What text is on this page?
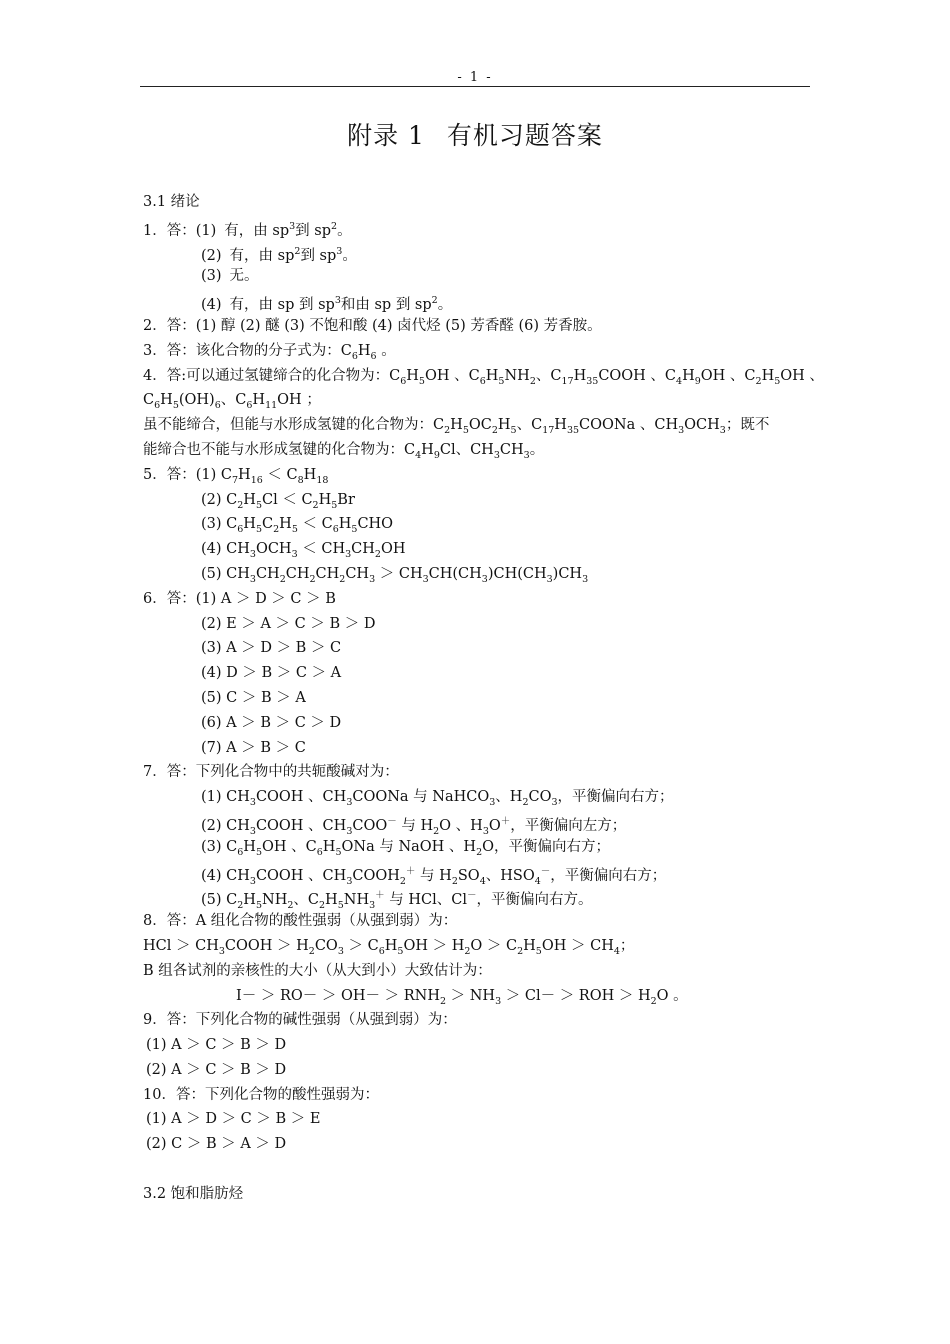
- 1 -
附录 1 有机习题答案
3.1 绪论
1．答：(1) 有，由 $sp^3$到 $sp^2$。
(2) 有，由 $sp^2$到 $sp^3$。
(3) 无。
(4) 有，由 sp 到 $sp^3$和由 sp 到 $sp^2$。
2．答：(1) 醇 (2) 醚 (3) 不饱和酸 (4) 卤代烃 (5) 芳香醛 (6) 芳香胺。
3．答：该化合物的分子式为：$C_6H_6$ 。
4．答:可以通过氢键缔合的化合物为：$C_6H_5OH$ 、$C_6H_5NH_2$、$C_{17}H_{35}COOH$ 、$C_4H_9OH$ 、$C_2H_5OH$ 、
$C_6H_5(OH)_6$、$C_6H_{11}OH$ ；
虽不能缔合，但能与水形成氢键的化合物为：$C_2H_5OC_2H_5$、$C_{17}H_{35}COONa$ 、$CH_3OCH_3$；既不
能缔合也不能与水形成氢键的化合物为：$C_4H_9Cl$、$CH_3CH_3$。
5．答：(1) $C_7H_{16} < C_8H_{18}$
(2) $C_2H_5Cl < C_2H_5Br$
(3) $C_6H_5C_2H_5 < C_6H_5CHO$
(4) $CH_3OCH_3 < CH_3CH_2OH$
(5) $CH_3CH_2CH_2CH_2CH_3 > CH_3CH(CH_3)CH(CH_3)CH_3$
6．答：(1) A ＞ D ＞ C ＞ B
(2) E ＞ A ＞ C ＞ B ＞ D
(3) A ＞ D ＞ B ＞ C
(4) D ＞ B ＞ C ＞ A
(5) C ＞ B ＞ A
(6) A ＞ B ＞ C ＞ D
(7) A ＞ B ＞ C
7．答：下列化合物中的共轭酸碱对为：
(1) $CH_3COOH$ 、$CH_3COONa$ 与 NaHCO$_3$、$H_2CO_3$，平衡偏向右方；
(2) $CH_3COOH$ 、$CH_3COO^-$ 与 $H_2O$ 、$H_3O^+$，平衡偏向左方；
(3) $C_6H_5OH$ 、$C_6H_5ONa$ 与 NaOH 、$H_2O$，平衡偏向右方；
(4) $CH_3COOH$ 、$CH_3COOH_2^+$ 与 $H_2SO_4$、$HSO_4^-$，平衡偏向右方；
(5) $C_2H_5NH_2$、$C_2H_5NH_3^+$ 与 HCl、Cl－，平衡偏向右方。
8．答：A 组化合物的酸性强弱（从强到弱）为：
HCl ＞ $CH_3COOH > H_2CO_3 > C_6H_5OH > H_2O > C_2H_5OH > CH_4$；
B 组各试剂的亲核性的大小（从大到小）大致估计为：
$I- > RO- > OH- > RNH_2 > NH_3 > Cl-$ ＞ ROH ＞ $H_2O$ 。
9．答：下列化合物的碱性强弱（从强到弱）为：
(1) A ＞ C ＞ B ＞ D
(2) A ＞ C ＞ B ＞ D
10．答：下列化合物的酸性强弱为：
(1) A ＞ D ＞ C ＞ B ＞ E
(2) C ＞ B ＞ A ＞ D
3.2 饱和脂肪烃
